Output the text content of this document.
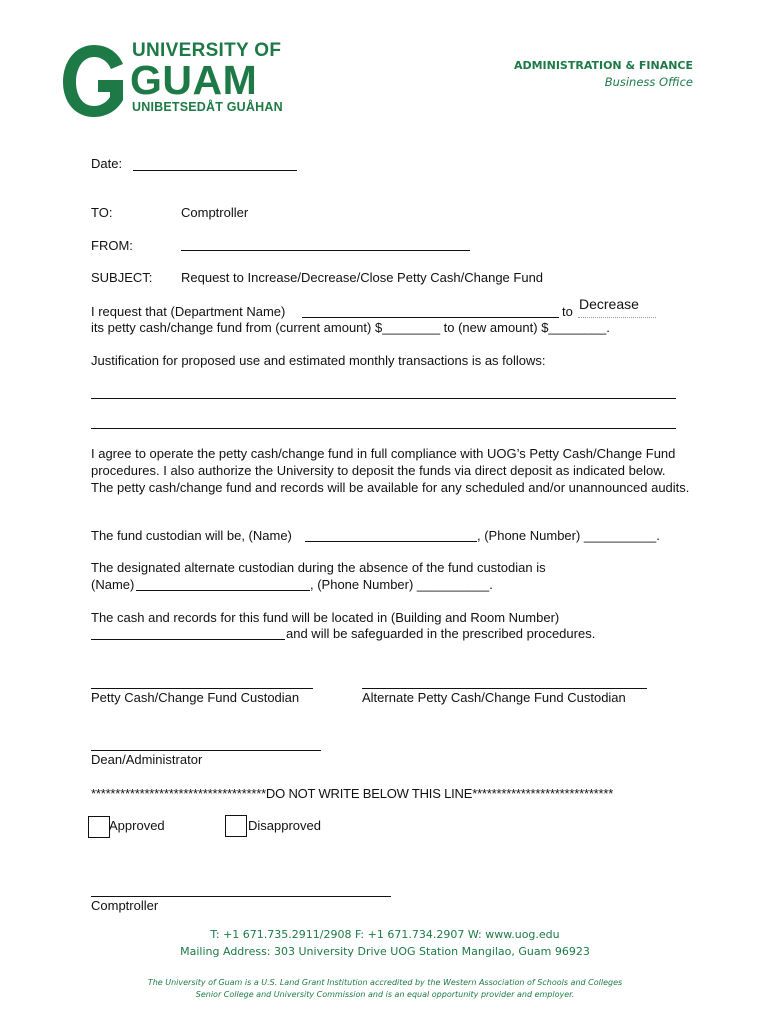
UNIVERSITY OF
GUAM
UNIBETSEDÅT GUÅHAN
ADMINISTRATION & FINANCE
Business Office
Date:
TO:	Comptroller
FROM:
SUBJECT: Request to Increase/Decrease/Close Petty Cash/Change Fund
I request that (Department Name)	to Decrease
its petty cash/change fund from (current amount) $________ to (new amount) $________.
Justification for proposed use and estimated monthly transactions is as follows:
I agree to operate the petty cash/change fund in full compliance with UOG’s Petty Cash/Change Fund procedures. I also authorize the University to deposit the funds via direct deposit as indicated below. The petty cash/change fund and records will be available for any scheduled and/or unannounced audits.
The fund custodian will be, (Name)	, (Phone Number) __________.
The designated alternate custodian during the absence of the fund custodian is
(Name)	, (Phone Number) __________.
The cash and records for this fund will be located in (Building and Room Number)
and will be safeguarded in the prescribed procedures.
Petty Cash/Change Fund Custodian	Alternate Petty Cash/Change Fund Custodian
Dean/Administrator
************************************DO NOT WRITE BELOW THIS LINE*****************************
Approved	Disapproved
Comptroller
T: +1 671.735.2911/2908 F: +1 671.734.2907 W: www.uog.edu
Mailing Address: 303 University Drive UOG Station Mangilao, Guam 96923
The University of Guam is a U.S. Land Grant Institution accredited by the Western Association of Schools and Colleges
Senior College and University Commission and is an equal opportunity provider and employer.
